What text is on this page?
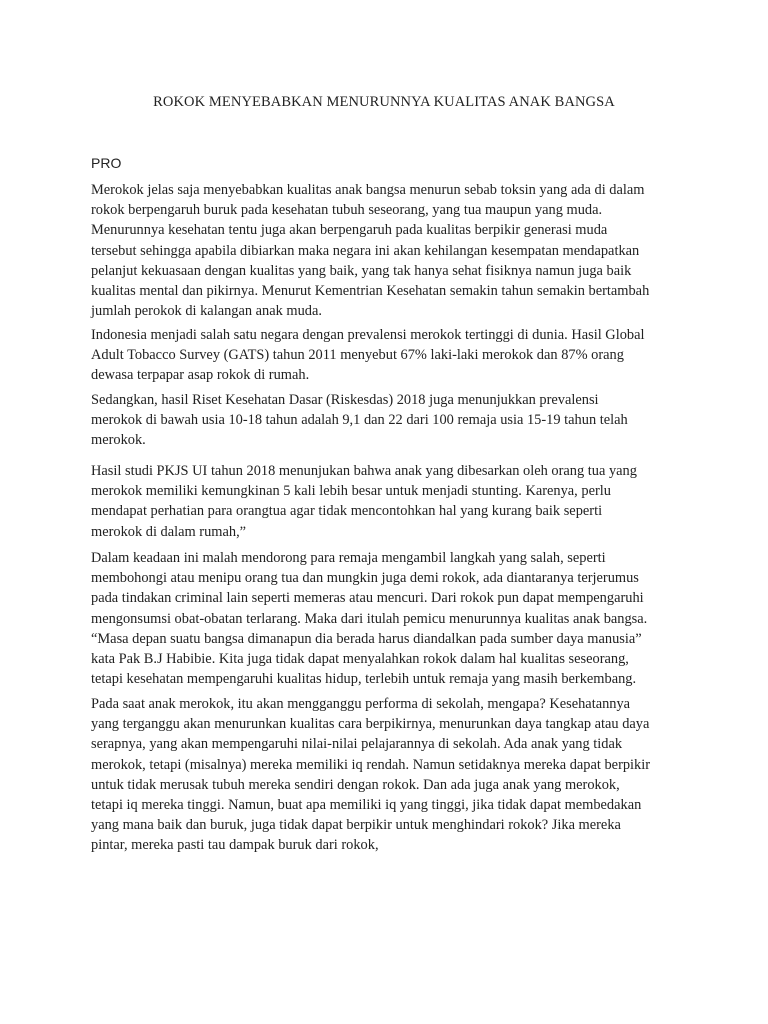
ROKOK MENYEBABKAN MENURUNNYA KUALITAS ANAK BANGSA
PRO
Merokok jelas saja menyebabkan kualitas anak bangsa menurun sebab toksin yang ada di dalam
rokok berpengaruh buruk pada kesehatan tubuh seseorang, yang tua maupun yang muda.
Menurunnya kesehatan tentu juga akan berpengaruh pada kualitas berpikir generasi muda
tersebut sehingga apabila dibiarkan maka negara ini akan kehilangan kesempatan mendapatkan
pelanjut kekuasaan dengan kualitas yang baik, yang tak hanya sehat fisiknya namun juga baik
kualitas mental dan pikirnya. Menurut Kementrian Kesehatan semakin tahun semakin bertambah
jumlah perokok di kalangan anak muda.
Indonesia menjadi salah satu negara dengan prevalensi merokok tertinggi di dunia. Hasil Global
Adult Tobacco Survey (GATS) tahun 2011 menyebut 67% laki-laki merokok dan 87% orang
dewasa terpapar asap rokok di rumah.
Sedangkan, hasil Riset Kesehatan Dasar (Riskesdas) 2018 juga menunjukkan prevalensi
merokok di bawah usia 10-18 tahun adalah 9,1 dan 22 dari 100 remaja usia 15-19 tahun telah
merokok.
Hasil studi PKJS UI tahun 2018 menunjukan bahwa anak yang dibesarkan oleh orang tua yang
merokok memiliki kemungkinan 5 kali lebih besar untuk menjadi stunting. Karenya, perlu
mendapat perhatian para orangtua agar tidak mencontohkan hal yang kurang baik seperti
merokok di dalam rumah,”
Dalam keadaan ini malah mendorong para remaja mengambil langkah yang salah, seperti
membohongi atau menipu orang tua dan mungkin juga demi rokok, ada diantaranya terjerumus
pada tindakan criminal lain seperti memeras atau mencuri. Dari rokok pun dapat mempengaruhi
mengonsumsi obat-obatan terlarang. Maka dari itulah pemicu menurunnya kualitas anak bangsa.
“Masa depan suatu bangsa dimanapun dia berada harus diandalkan pada sumber daya manusia”
kata Pak B.J Habibie. Kita juga tidak dapat menyalahkan rokok dalam hal kualitas seseorang,
tetapi kesehatan mempengaruhi kualitas hidup, terlebih untuk remaja yang masih berkembang.
Pada saat anak merokok, itu akan mengganggu performa di sekolah, mengapa? Kesehatannya
yang terganggu akan menurunkan kualitas cara berpikirnya, menurunkan daya tangkap atau daya
serapnya, yang akan mempengaruhi nilai-nilai pelajarannya di sekolah. Ada anak yang tidak
merokok, tetapi (misalnya) mereka memiliki iq rendah. Namun setidaknya mereka dapat berpikir
untuk tidak merusak tubuh mereka sendiri dengan rokok. Dan ada juga anak yang merokok,
tetapi iq mereka tinggi. Namun, buat apa memiliki iq yang tinggi, jika tidak dapat membedakan
yang mana baik dan buruk, juga tidak dapat berpikir untuk menghindari rokok? Jika mereka
pintar, mereka pasti tau dampak buruk dari rokok,
